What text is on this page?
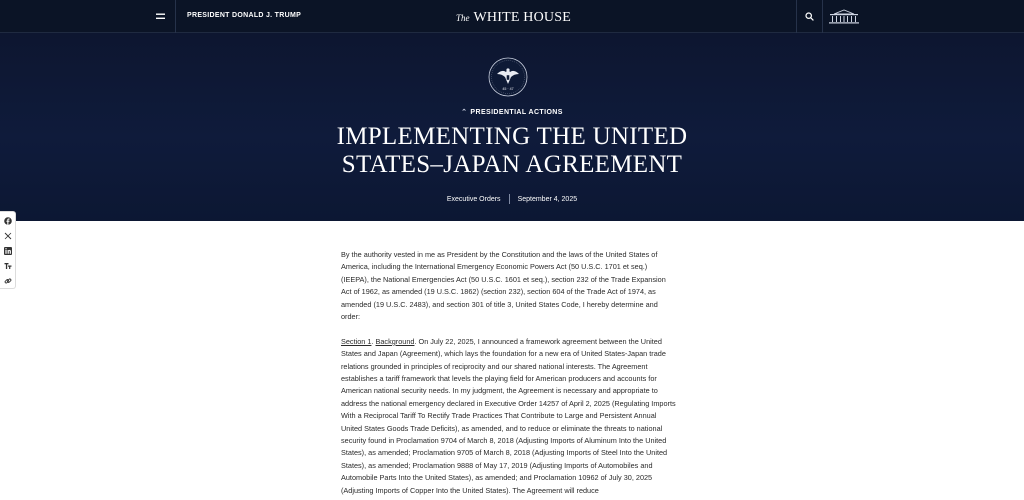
PRESIDENT DONALD J. TRUMP	The WHITE HOUSE
45 · 47
⌃ PRESIDENTIAL ACTIONS
IMPLEMENTING THE UNITED STATES–JAPAN AGREEMENT
Executive Orders September 4, 2025

By the authority vested in me as President by the Constitution and the laws of the United States of America, including the International Emergency Economic Powers Act (50 U.S.C. 1701 et seq.) (IEEPA), the National Emergencies Act (50 U.S.C. 1601 et seq.), section 232 of the Trade Expansion Act of 1962, as amended (19 U.S.C. 1862) (section 232), section 604 of the Trade Act of 1974, as amended (19 U.S.C. 2483), and section 301 of title 3, United States Code, I hereby determine and order:

Section 1. Background. On July 22, 2025, I announced a framework agreement between the United States and Japan (Agreement), which lays the foundation for a new era of United States-Japan trade relations grounded in principles of reciprocity and our shared national interests. The Agreement establishes a tariff framework that levels the playing field for American producers and accounts for American national security needs. In my judgment, the Agreement is necessary and appropriate to address the national emergency declared in Executive Order 14257 of April 2, 2025 (Regulating Imports With a Reciprocal Tariff To Rectify Trade Practices That Contribute to Large and Persistent Annual United States Goods Trade Deficits), as amended, and to reduce or eliminate the threats to national security found in Proclamation 9704 of March 8, 2018 (Adjusting Imports of Aluminum Into the United States), as amended; Proclamation 9705 of March 8, 2018 (Adjusting Imports of Steel Into the United States), as amended; Proclamation 9888 of May 17, 2019 (Adjusting Imports of Automobiles and Automobile Parts Into the United States), as amended; and Proclamation 10962 of July 30, 2025 (Adjusting Imports of Copper Into the United States). The Agreement will reduce
